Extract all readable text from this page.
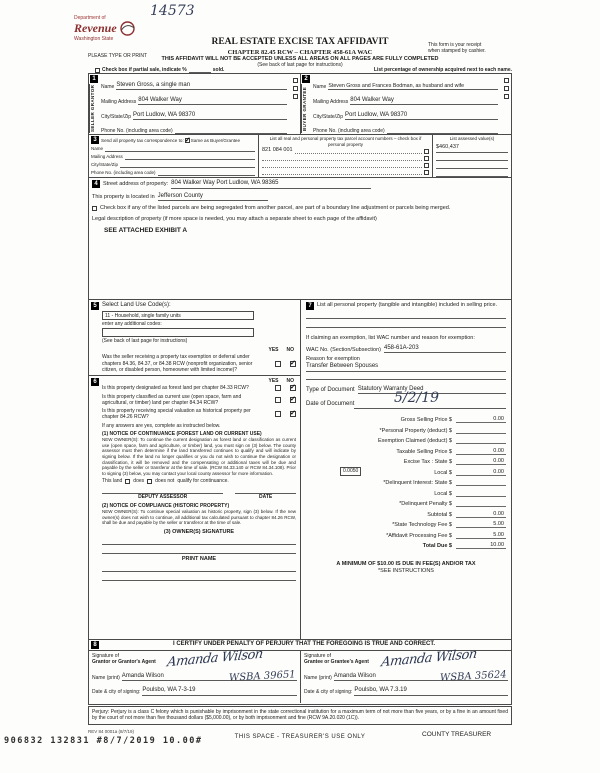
14573
Department of
Revenue
Washington State	REAL ESTATE EXCISE TAX AFFIDAVIT
CHAPTER 82.45 RCW – CHAPTER 458-61A WAC
This form is your receipt
when stamped by cashier.
PLEASE TYPE OR PRINT	THIS AFFIDAVIT WILL NOT BE ACCEPTED UNLESS ALL AREAS ON ALL PAGES ARE FULLY COMPLETED
(See back of last page for instructions)
Check box if partial sale, indicate %	sold.	List percentage of ownership acquired next to each name.
1
SELLER GRANTOR	Name Steven Gross, a single man
Mailing Address 804 Walker Way
City/State/Zip Port Ludlow, WA 98370
Phone No. (including area code)
2
BUYER GRANTEE	Name Steven Gross and Frances Bodman, as husband and wife
Mailing Address 804 Walker Way
City/State/Zip Port Ludlow, WA 98370
Phone No. (including area code)
3 Send all property tax correspondence to: ✓ Same as Buyer/Grantee
Name
Mailing Address
City/State/Zip
Phone No. (including area code)
List all real and personal property tax parcel account numbers – check box if personal property
821 084 001
List assessed value(s)
$460,437
4 Street address of property: 804 Walker Way Port Ludlow, WA 98365
This property is located in Jefferson County
Check box if any of the listed parcels are being segregated from another parcel, are part of a boundary line adjustment or parcels being merged.
Legal description of property (if more space is needed, you may attach a separate sheet to each page of the affidavit)
SEE ATTACHED EXHIBIT A
5 Select Land Use Code(s):
11 - Household, single family units
enter any additional codes:
(See back of last page for instructions)
YES NO
Was the seller receiving a property tax exemption or deferral under chapters 84.36, 84.37, or 84.38 RCW (nonprofit organization, senior citizen, or disabled person, homeowner with limited income)?
✓
6	YES NO
Is this property designated as forest land per chapter 84.33 RCW?	✓
Is this property classified as current use (open space, farm and agricultural, or timber) land per chapter 84.34 RCW?	✓
Is this property receiving special valuation as historical property per chapter 84.26 RCW?	✓
If any answers are yes, complete as instructed below.
(1) NOTICE OF CONTINUANCE (FOREST LAND OR CURRENT USE)
NEW OWNER(S): To continue the current designation as forest land or classification as current use (open space, farm and agriculture, or timber) land, you must sign on (3) below. The county assessor must then determine if the land transferred continues to qualify and will indicate by signing below. If the land no longer qualifies or you do not wish to continue the designation or classification, it will be removed and the compensating or additional taxes will be due and payable by the seller or transferor at the time of sale. (RCW 84.33.140 or RCW 84.34.108). Prior to signing (3) below, you may contact your local county assessor for more information.
This land does does not qualify for continuance.
DEPUTY ASSESSOR	DATE
(2) NOTICE OF COMPLIANCE (HISTORIC PROPERTY)
NEW OWNER(S): To continue special valuation as historic property, sign (3) below. If the new owner(s) does not wish to continue, all additional tax calculated pursuant to chapter 84.26 RCW, shall be due and payable by the seller or transferor at the time of sale.
(3) OWNER(S) SIGNATURE
PRINT NAME
7 List all personal property (tangible and intangible) included in selling price.
If claiming an exemption, list WAC number and reason for exemption:
WAC No. (Section/Subsection) 458-61A-203
Reason for exemption
Transfer Between Spouses
Type of Document Statutory Warranty Deed
Date of Document	5/2/19
Gross Selling Price $	0.00
*Personal Property (deduct) $
Exemption Claimed (deduct) $
Taxable Selling Price $	0.00
Excise Tax : State $	0.00
0.0050	Local $	0.00
*Delinquent Interest: State $
Local $
*Delinquent Penalty $
Subtotal $	0.00
*State Technology Fee $	5.00
*Affidavit Processing Fee $	5.00
Total Due $	10.00
A MINIMUM OF $10.00 IS DUE IN FEE(S) AND/OR TAX
*SEE INSTRUCTIONS
8	I CERTIFY UNDER PENALTY OF PERJURY THAT THE FOREGOING IS TRUE AND CORRECT.
Signature of
Grantor or Grantor's Agent Amanda Wilson
Name (print) Amanda Wilson	WSBA 39651
Date & city of signing: Poulsbo, WA 7-3-19
Signature of
Grantee or Grantee's Agent Amanda Wilson
Name (print) Amanda Wilson	WSBA 35624
Date & city of signing: Poulsbo, WA 7.3.19
Perjury: Perjury is a class C felony which is punishable by imprisonment in the state correctional institution for a maximum term of not more than five years, or by a fine in an amount fixed by the court of not more than five thousand dollars ($5,000.00), or by both imprisonment and fine (RCW 9A.20.020 (1C)).
REV 84 0001a (8/7/19)
906832 132831 #8/7/2019 10.00#	THIS SPACE - TREASURER'S USE ONLY	COUNTY TREASURER
